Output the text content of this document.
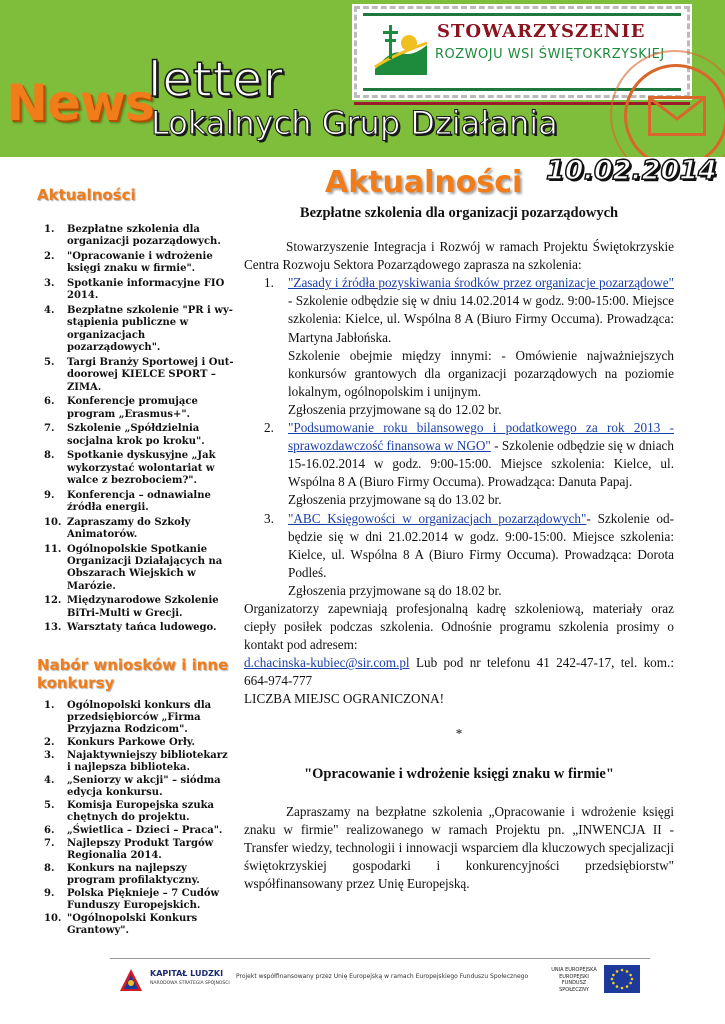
STOWARZYSZENIE
ROZWOJU WSI ŚWIĘTOKRZYSKIEJ
News
letter
Lokalnych Grup Działania
Aktualności 10.02.2014
Aktualności
1. Bezpłatne szkolenia dla organizacji pozarządowych.
2. "Opracowanie i wdrożenie księgi znaku w firmie".
3. Spotkanie informacyjne FIO 2014.
4. Bezpłatne szkolenie "PR i wystąpienia publiczne w organizacjach pozarządowych".
5. Targi Branży Sportowej i Outdoorowej KIELCE SPORT – ZIMA.
6. Konferencje promujące program „Erasmus+".
7. Szkolenie „Spółdzielnia socjalna krok po kroku".
8. Spotkanie dyskusyjne „Jak wykorzystać wolontariat w walce z bezrobociem?".
9. Konferencja – odnawialne źródła energii.
10. Zapraszamy do Szkoły Animatorów.
11. Ogólnopolskie Spotkanie Organizacji Działających na Obszarach Wiejskich w Marózie.
12. Międzynarodowe Szkolenie BiTri-Multi w Grecji.
13. Warsztaty tańca ludowego.
Nabór wniosków i inne konkursy
1. Ogólnopolski konkurs dla przedsiębiorców „Firma Przyjazna Rodzicom".
2. Konkurs Parkowe Orły.
3. Najaktywniejszy bibliotekarz i najlepsza biblioteka.
4. „Seniorzy w akcji" – siódma edycja konkursu.
5. Komisja Europejska szuka chętnych do projektu.
6. „Świetlica – Dzieci – Praca".
7. Najlepszy Produkt Targów Regionalia 2014.
8. Konkurs na najlepszy program profilaktyczny.
9. Polska Pięknieje – 7 Cudów Funduszy Europejskich.
10. "Ogólnopolski Konkurs Grantowy".
Bezpłatne szkolenia dla organizacji pozarządowych

Stowarzyszenie Integracja i Rozwój w ramach Projektu Świętokrzyskie Centra Rozwoju Sektora Pozarządowego zaprasza na szkolenia:

1. "Zasady i źródła pozyskiwania środków przez organizacje pozarządowe" - Szkolenie odbędzie się w dniu 14.02.2014 w godz. 9:00-15:00. Miejsce szkolenia: Kielce, ul. Wspólna 8 A (Biuro Firmy Occuma). Prowadząca: Martyna Jabłońska.
Szkolenie obejmie między innymi: - Omówienie najważniejszych konkursów grantowych dla organizacji pozarządowych na poziomie lokalnym, ogólnopolskim i unijnym.
Zgłoszenia przyjmowane są do 12.02 br.
2. "Podsumowanie roku bilansowego i podatkowego za rok 2013 - sprawozdawczość finansowa w NGO" - Szkolenie odbędzie się w dniach 15-16.02.2014 w godz. 9:00-15:00. Miejsce szkolenia: Kielce, ul. Wspólna 8 A (Biuro Firmy Occuma). Prowadząca: Danuta Papaj.
Zgłoszenia przyjmowane są do 13.02 br.
3. "ABC Księgowości w organizacjach pozarządowych"- Szkolenie odbędzie się w dni 21.02.2014 w godz. 9:00-15:00. Miejsce szkolenia: Kielce, ul. Wspólna 8 A (Biuro Firmy Occuma). Prowadząca: Dorota Podleś.
Zgłoszenia przyjmowane są do 18.02 br.

Organizatorzy zapewniają profesjonalną kadrę szkoleniową, materiały oraz ciepły posiłek podczas szkolenia. Odnośnie programu szkolenia prosimy o kontakt pod adresem:

d.chacinska-kubiec@sir.com.pl Lub pod nr telefonu 41 242-47-17, tel. kom.: 664-974-777

LICZBA MIEJSC OGRANICZONA!

*
"Opracowanie i wdrożenie księgi znaku w firmie"

Zapraszamy na bezpłatne szkolenia „Opracowanie i wdrożenie księgi znaku w firmie" realizowanego w ramach Projektu pn. „INWENCJA II - Transfer wiedzy, technologii i innowacji wsparciem dla kluczowych specjalizacji świętokrzyskiej gospodarki i konkurencyjności przedsiębiorstw" współfinansowany przez Unię Europejską.

KAPITAŁ LUDZKI
NARODOWA STRATEGIA SPÓJNOŚCI
Projekt współfinansowany przez Unię Europejską w ramach Europejskiego Funduszu Społecznego
UNIA EUROPEJSKA
EUROPEJSKI
FUNDUSZ SPOŁECZNY
